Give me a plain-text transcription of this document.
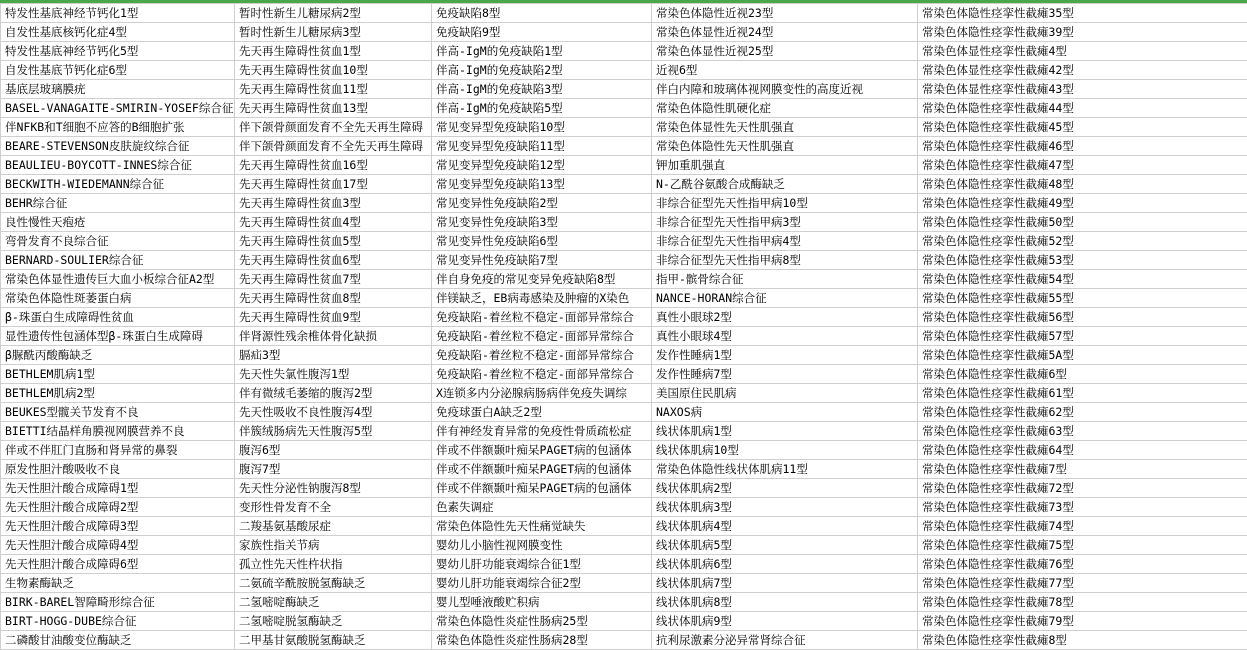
特发性基底神经节钙化1型	暂时性新生儿糖尿病2型	免疫缺陷8型	常染色体隐性近视23型	常染色体隐性痉挛性截瘫35型
自发性基底核钙化症4型	暂时性新生儿糖尿病3型	免疫缺陷9型	常染色体显性近视24型	常染色体隐性痉挛性截瘫39型
特发性基底神经节钙化5型	先天再生障碍性贫血1型	伴高-IgM的免疫缺陷1型	常染色体显性近视25型	常染色体显性痉挛性截瘫4型
自发性基底节钙化症6型	先天再生障碍性贫血10型	伴高-IgM的免疫缺陷2型	近视6型	常染色体显性痉挛性截瘫42型
基底层玻璃膜疣	先天再生障碍性贫血11型	伴高-IgM的免疫缺陷3型	伴白内障和玻璃体视网膜变性的高度近视	常染色体显性痉挛性截瘫43型
BASEL-VANAGAITE-SMIRIN-YOSEF综合征	先天再生障碍性贫血13型	伴高-IgM的免疫缺陷5型	常染色体隐性肌硬化症	常染色体隐性痉挛性截瘫44型
伴NFKB和T细胞不应答的B细胞扩张	伴下颌骨颜面发育不全先天再生障碍	常见变异型免疫缺陷10型	常染色体显性先天性肌强直	常染色体隐性痉挛性截瘫45型
BEARE-STEVENSON皮肤旋纹综合征	伴下颌骨颜面发育不全先天再生障碍	常见变异型免疫缺陷11型	常染色体隐性先天性肌强直	常染色体隐性痉挛性截瘫46型
BEAULIEU-BOYCOTT-INNES综合征	先天再生障碍性贫血16型	常见变异型免疫缺陷12型	钾加重肌强直	常染色体隐性痉挛性截瘫47型
BECKWITH-WIEDEMANN综合征	先天再生障碍性贫血17型	常见变异型免疫缺陷13型	N-乙酰谷氨酸合成酶缺乏	常染色体隐性痉挛性截瘫48型
BEHR综合征	先天再生障碍性贫血3型	常见变异性免疫缺陷2型	非综合征型先天性指甲病10型	常染色体隐性痉挛性截瘫49型
良性慢性天疱疮	先天再生障碍性贫血4型	常见变异性免疫缺陷3型	非综合征型先天性指甲病3型	常染色体隐性痉挛性截瘫50型
弯骨发育不良综合征	先天再生障碍性贫血5型	常见变异性免疫缺陷6型	非综合征型先天性指甲病4型	常染色体隐性痉挛性截瘫52型
BERNARD-SOULIER综合征	先天再生障碍性贫血6型	常见变异性免疫缺陷7型	非综合征型先天性指甲病8型	常染色体隐性痉挛性截瘫53型
常染色体显性遗传巨大血小板综合征A2型	先天再生障碍性贫血7型	伴自身免疫的常见变异免疫缺陷8型	指甲-髌骨综合征	常染色体隐性痉挛性截瘫54型
常染色体隐性斑萎蛋白病	先天再生障碍性贫血8型	伴镁缺乏，EB病毒感染及肿瘤的X染色	NANCE-HORAN综合征	常染色体隐性痉挛性截瘫55型
β-珠蛋白生成障碍性贫血	先天再生障碍性贫血9型	免疫缺陷-着丝粒不稳定-面部异常综合	真性小眼球2型	常染色体隐性痉挛性截瘫56型
显性遗传性包涵体型β-珠蛋白生成障碍	伴肾源性残余椎体骨化缺损	免疫缺陷-着丝粒不稳定-面部异常综合	真性小眼球4型	常染色体隐性痉挛性截瘫57型
β脲酰丙酸酶缺乏	膈疝3型	免疫缺陷-着丝粒不稳定-面部异常综合	发作性睡病1型	常染色体隐性痉挛性截瘫5A型
BETHLEM肌病1型	先天性失氯性腹泻1型	免疫缺陷-着丝粒不稳定-面部异常综合	发作性睡病7型	常染色体隐性痉挛性截瘫6型
BETHLEM肌病2型	伴有微绒毛萎缩的腹泻2型	X连锁多内分泌腺病肠病伴免疫失调综	美国原住民肌病	常染色体隐性痉挛性截瘫61型
BEUKES型髋关节发育不良	先天性吸收不良性腹泻4型	免疫球蛋白A缺乏2型	NAXOS病	常染色体隐性痉挛性截瘫62型
BIETTI结晶样角膜视网膜营养不良	伴簇绒肠病先天性腹泻5型	伴有神经发育异常的免疫性骨质疏松症	线状体肌病1型	常染色体隐性痉挛性截瘫63型
伴或不伴肛门直肠和肾异常的鼻裂	腹泻6型	伴或不伴额颞叶痴呆PAGET病的包涵体	线状体肌病10型	常染色体隐性痉挛性截瘫64型
原发性胆汁酸吸收不良	腹泻7型	伴或不伴额颞叶痴呆PAGET病的包涵体	常染色体隐性线状体肌病11型	常染色体隐性痉挛性截瘫7型
先天性胆汁酸合成障碍1型	先天性分泌性钠腹泻8型	伴或不伴额颞叶痴呆PAGET病的包涵体	线状体肌病2型	常染色体隐性痉挛性截瘫72型
先天性胆汁酸合成障碍2型	变形性骨发育不全	色素失调症	线状体肌病3型	常染色体隐性痉挛性截瘫73型
先天性胆汁酸合成障碍3型	二羧基氨基酸尿症	常染色体隐性先天性痛觉缺失	线状体肌病4型	常染色体隐性痉挛性截瘫74型
先天性胆汁酸合成障碍4型	家族性指关节病	婴幼儿小脑性视网膜变性	线状体肌病5型	常染色体隐性痉挛性截瘫75型
先天性胆汁酸合成障碍6型	孤立性先天性杵状指	婴幼儿肝功能衰竭综合征1型	线状体肌病6型	常染色体隐性痉挛性截瘫76型
生物素酶缺乏	二氨硫辛酰胺脱氢酶缺乏	婴幼儿肝功能衰竭综合征2型	线状体肌病7型	常染色体隐性痉挛性截瘫77型
BIRK-BAREL智障畸形综合征	二氢嘧啶酶缺乏	婴儿型唾液酸贮积病	线状体肌病8型	常染色体隐性痉挛性截瘫78型
BIRT-HOGG-DUBE综合征	二氢嘧啶脱氢酶缺乏	常染色体隐性炎症性肠病25型	线状体肌病9型	常染色体隐性痉挛性截瘫79型
二磷酸甘油酸变位酶缺乏	二甲基甘氨酸脱氢酶缺乏	常染色体隐性炎症性肠病28型	抗利尿激素分泌异常肾综合征	常染色体隐性痉挛性截瘫8型
